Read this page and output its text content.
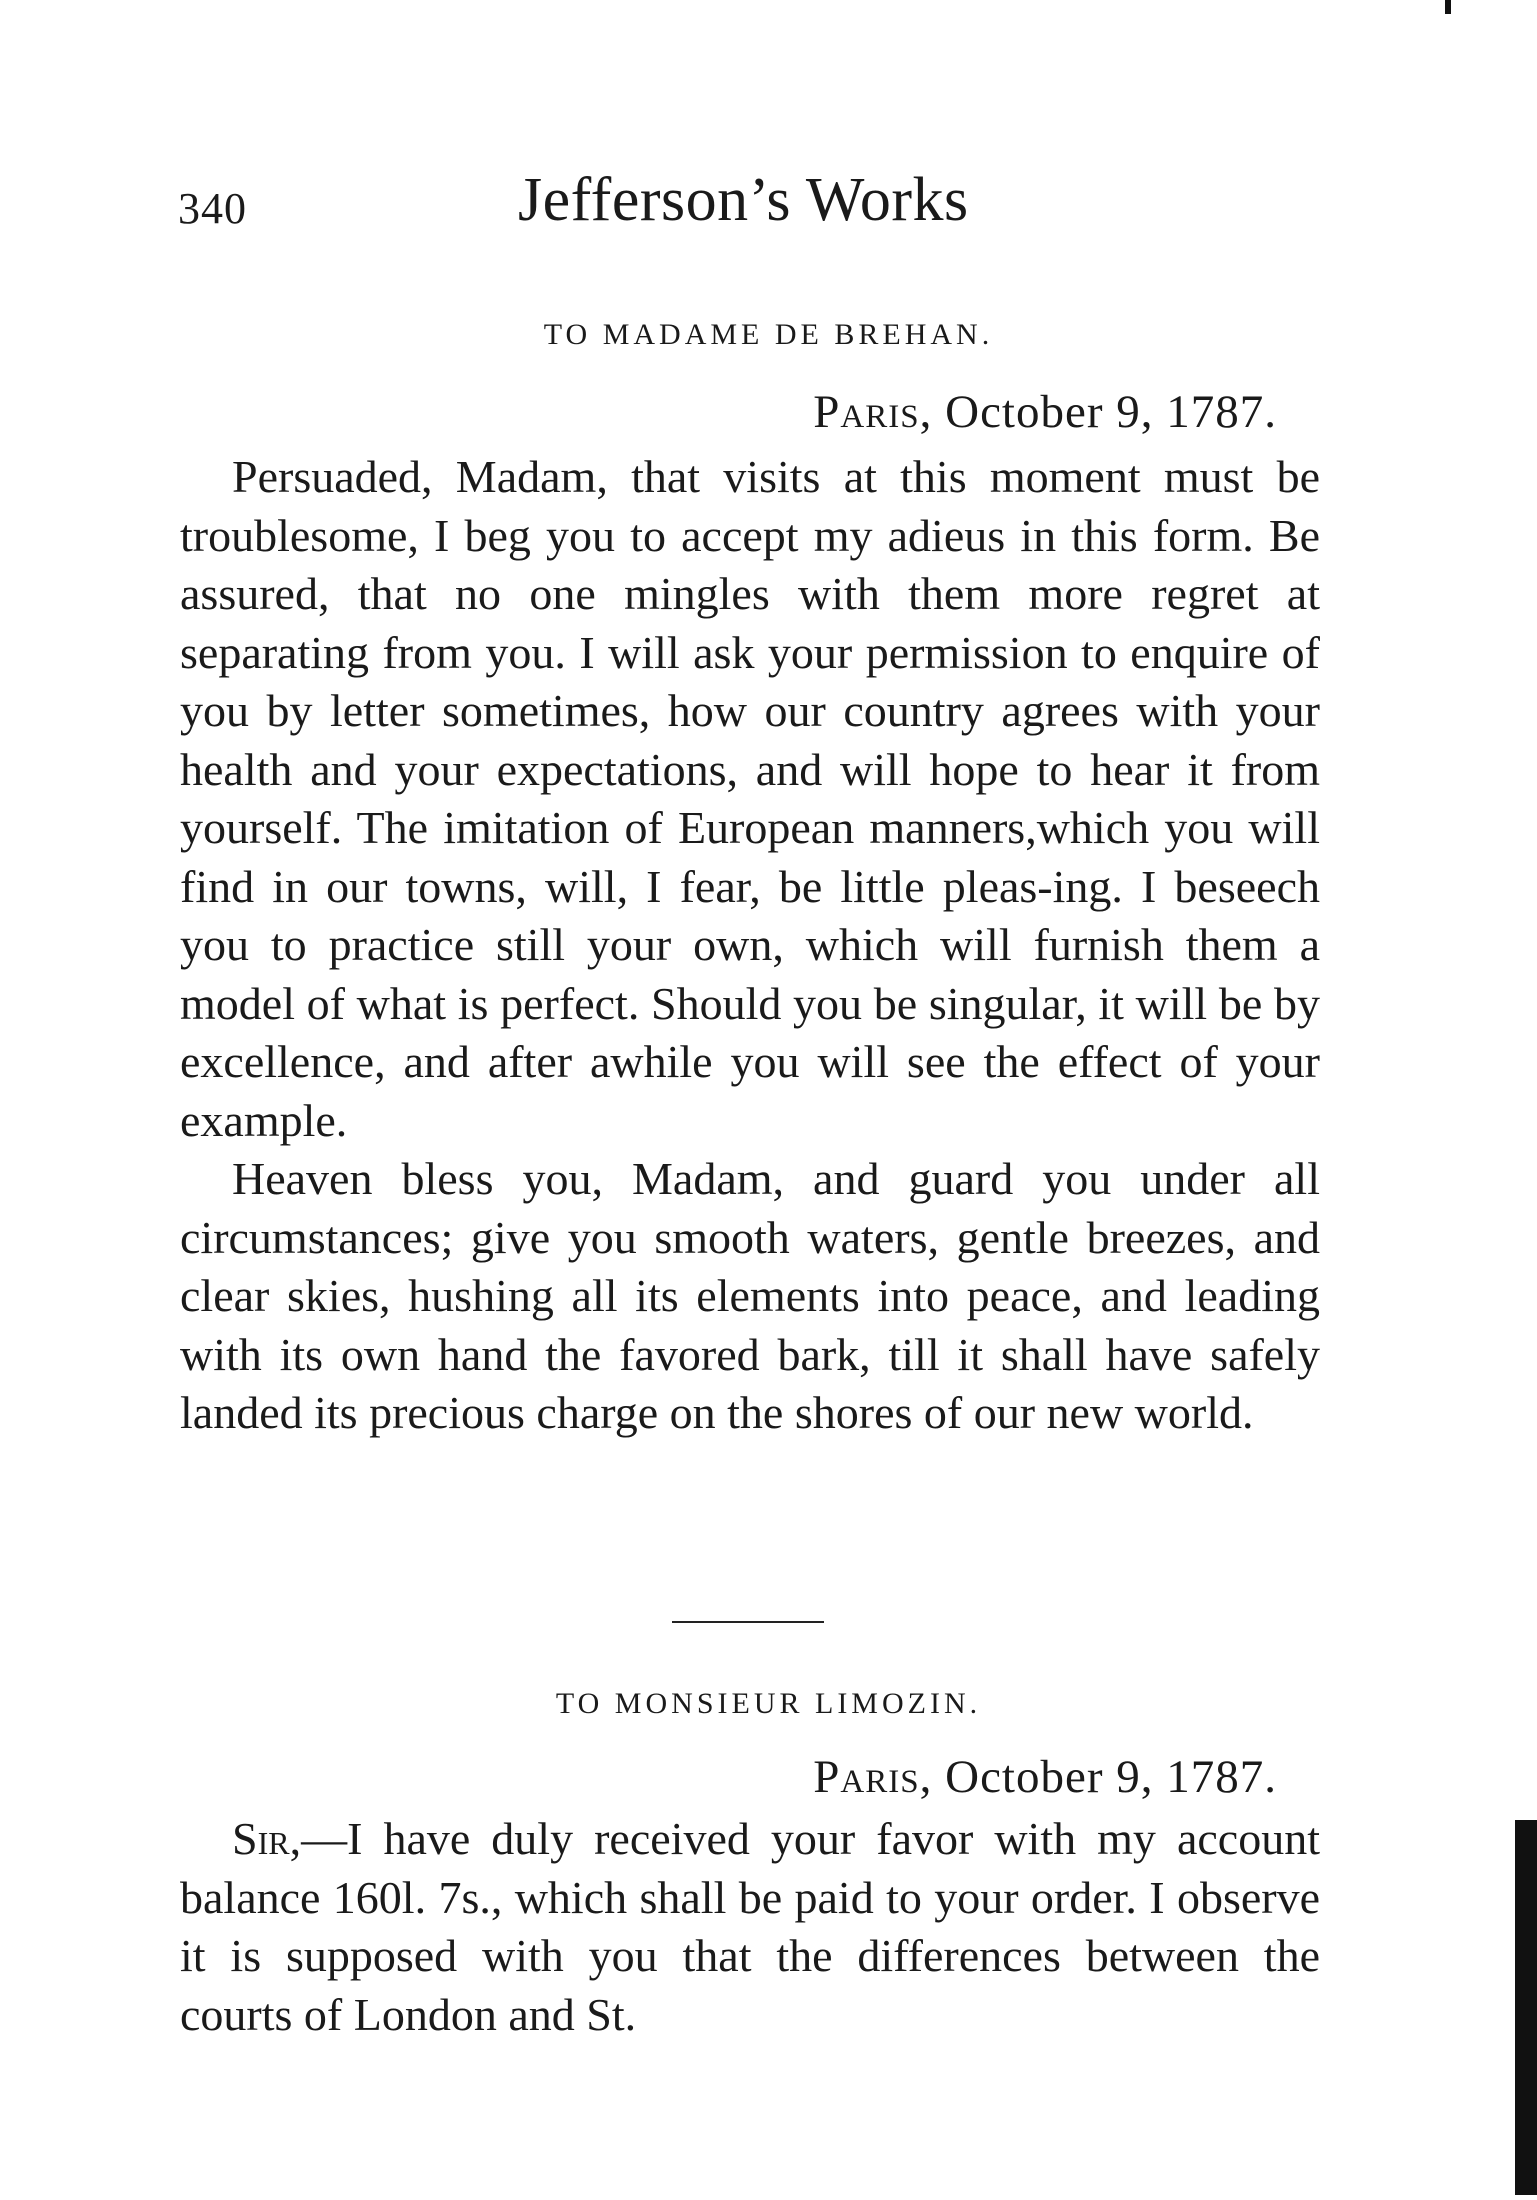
340	Jefferson’s Works
TO MADAME DE BREHAN.
Paris, October 9, 1787.

Persuaded, Madam, that visits at this moment must be troublesome, I beg you to accept my adieus in this form. Be assured, that no one mingles with them more regret at separating from you. I will ask your permission to enquire of you by letter sometimes, how our country agrees with your health and your expectations, and will hope to hear it from yourself. The imitation of European manners,which you will find in our towns, will, I fear, be little pleas-ing. I beseech you to practice still your own, which will furnish them a model of what is perfect. Should you be singular, it will be by excellence, and after awhile you will see the effect of your example.

Heaven bless you, Madam, and guard you under all circumstances; give you smooth waters, gentle breezes, and clear skies, hushing all its elements into peace, and leading with its own hand the favored bark, till it shall have safely landed its precious charge on the shores of our new world.

TO MONSIEUR LIMOZIN.
Paris, October 9, 1787.

Sir,—I have duly received your favor with my account balance 160l. 7s., which shall be paid to your order. I observe it is supposed with you that the differences between the courts of London and St.
